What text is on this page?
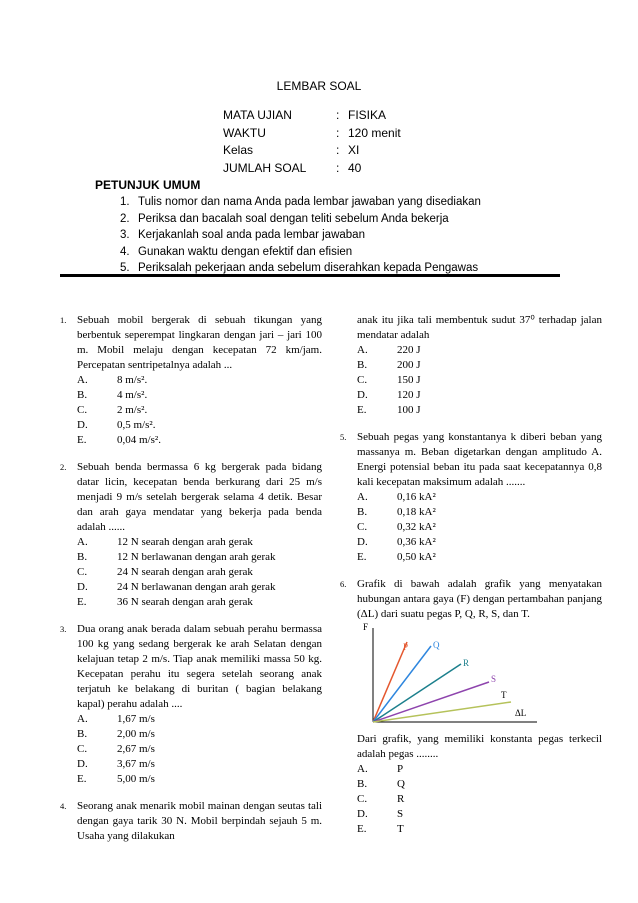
LEMBAR SOAL
MATA UJIAN	: FISIKA
WAKTU	: 120 menit
Kelas	: XI
JUMLAH SOAL	: 40
PETUNJUK UMUM
1. Tulis nomor dan nama Anda pada lembar jawaban yang disediakan
2. Periksa dan bacalah soal dengan teliti sebelum Anda bekerja
3. Kerjakanlah soal anda pada lembar jawaban
4. Gunakan waktu dengan efektif dan efisien
5. Periksalah pekerjaan anda sebelum diserahkan kepada Pengawas
1. Sebuah mobil bergerak di sebuah tikungan yang berbentuk seperempat lingkaran dengan jari – jari 100 m. Mobil melaju dengan kecepatan 72 km/jam. Percepatan sentripetalnya adalah ...
A.	8 m/s².
B.	4 m/s².
C.	2 m/s².
D.	0,5 m/s².
E.	0,04 m/s².
2. Sebuah benda bermassa 6 kg bergerak pada bidang datar licin, kecepatan benda berkurang dari 25 m/s menjadi 9 m/s setelah bergerak selama 4 detik. Besar dan arah gaya mendatar yang bekerja pada benda adalah ......
A.	12 N searah dengan arah gerak
B.	12 N berlawanan dengan arah gerak
C.	24 N searah dengan arah gerak
D.	24 N berlawanan dengan arah gerak
E.	36 N searah dengan arah gerak
3. Dua orang anak berada dalam sebuah perahu bermassa 100 kg yang sedang bergerak ke arah Selatan dengan kelajuan tetap 2 m/s. Tiap anak memiliki massa 50 kg. Kecepatan perahu itu segera setelah seorang anak terjatuh ke belakang di buritan ( bagian belakang kapal) perahu adalah ....
A.	1,67 m/s
B.	2,00 m/s
C.	2,67 m/s
D.	3,67 m/s
E.	5,00 m/s
4. Seorang anak menarik mobil mainan dengan seutas tali dengan gaya tarik 30 N. Mobil berpindah sejauh 5 m. Usaha yang dilakukan
anak itu jika tali membentuk sudut 37⁰ terhadap jalan mendatar adalah
A.	220 J
B.	200 J
C.	150 J
D.	120 J
E.	100 J
5. Sebuah pegas yang konstantanya k diberi beban yang massanya m. Beban digetarkan dengan amplitudo A. Energi potensial beban itu pada saat kecepatannya 0,8 kali kecepatan maksimum adalah .......
A.	0,16 kA²
B.	0,18 kA²
C.	0,32 kA²
D.	0,36 kA²
E.	0,50 kA²
6. Grafik di bawah adalah grafik yang menyatakan hubungan antara gaya (F) dengan pertambahan panjang (ΔL) dari suatu pegas P, Q, R, S, dan T.
F
ΔL
P	Q
R
S
T
Dari grafik, yang memiliki konstanta pegas terkecil adalah pegas ........
A.	P
B.	Q
C.	R
D.	S
E.	T
